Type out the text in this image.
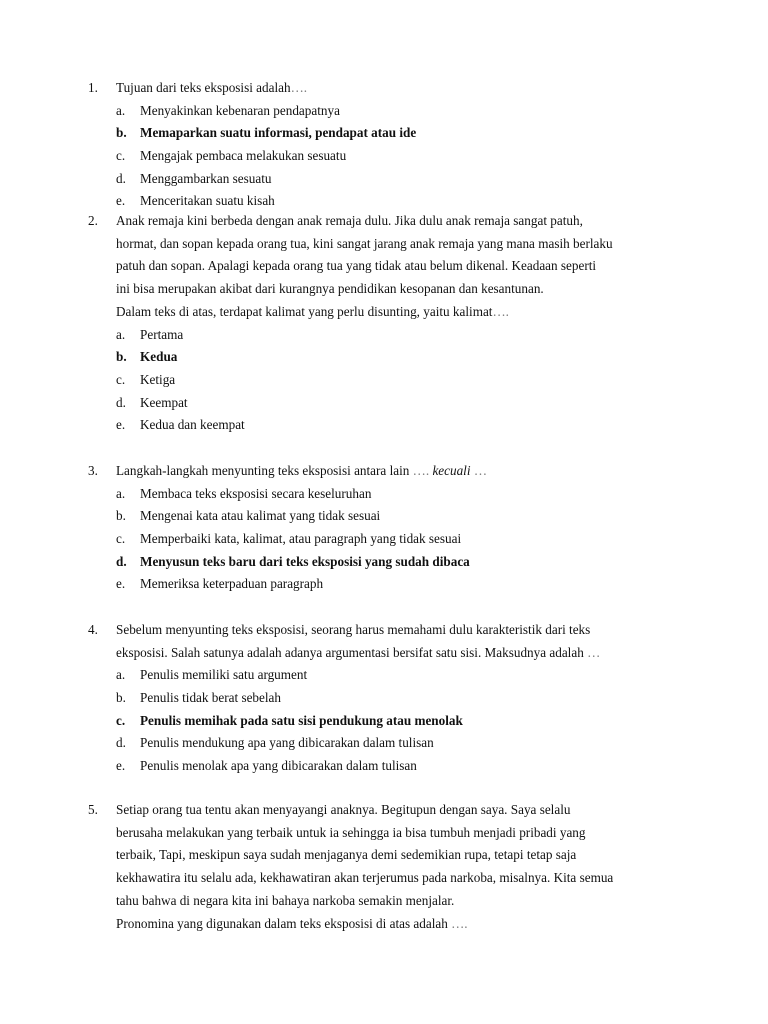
1. Tujuan dari teks eksposisi adalah….

a. Menyakinkan kebenaran pendapatnya
b. Memaparkan suatu informasi, pendapat atau ide
c. Mengajak pembaca melakukan sesuatu
d. Menggambarkan sesuatu
e. Menceritakan suatu kisah
2. Anak remaja kini berbeda dengan anak remaja dulu. Jika dulu anak remaja sangat patuh,

hormat, dan sopan kepada orang tua, kini sangat jarang anak remaja yang mana masih berlaku

patuh dan sopan. Apalagi kepada orang tua yang tidak atau belum dikenal. Keadaan seperti

ini bisa merupakan akibat dari kurangnya pendidikan kesopanan dan kesantunan.

Dalam teks di atas, terdapat kalimat yang perlu disunting, yaitu kalimat….

a. Pertama
b. Kedua
c. Ketiga
d. Keempat
e. Kedua dan keempat
3. Langkah-langkah menyunting teks eksposisi antara lain …. kecuali …

a. Membaca teks eksposisi secara keseluruhan
b. Mengenai kata atau kalimat yang tidak sesuai
c. Memperbaiki kata, kalimat, atau paragraph yang tidak sesuai
d. Menyusun teks baru dari teks eksposisi yang sudah dibaca
e. Memeriksa keterpaduan paragraph
4. Sebelum menyunting teks eksposisi, seorang harus memahami dulu karakteristik dari teks

eksposisi. Salah satunya adalah adanya argumentasi bersifat satu sisi. Maksudnya adalah …

a. Penulis memiliki satu argument
b. Penulis tidak berat sebelah
c. Penulis memihak pada satu sisi pendukung atau menolak
d. Penulis mendukung apa yang dibicarakan dalam tulisan
e. Penulis menolak apa yang dibicarakan dalam tulisan
5. Setiap orang tua tentu akan menyayangi anaknya. Begitupun dengan saya. Saya selalu

berusaha melakukan yang terbaik untuk ia sehingga ia bisa tumbuh menjadi pribadi yang

terbaik, Tapi, meskipun saya sudah menjaganya demi sedemikian rupa, tetapi tetap saja

kekhawatira itu selalu ada, kekhawatiran akan terjerumus pada narkoba, misalnya. Kita semua

tahu bahwa di negara kita ini bahaya narkoba semakin menjalar.

Pronomina yang digunakan dalam teks eksposisi di atas adalah ….
